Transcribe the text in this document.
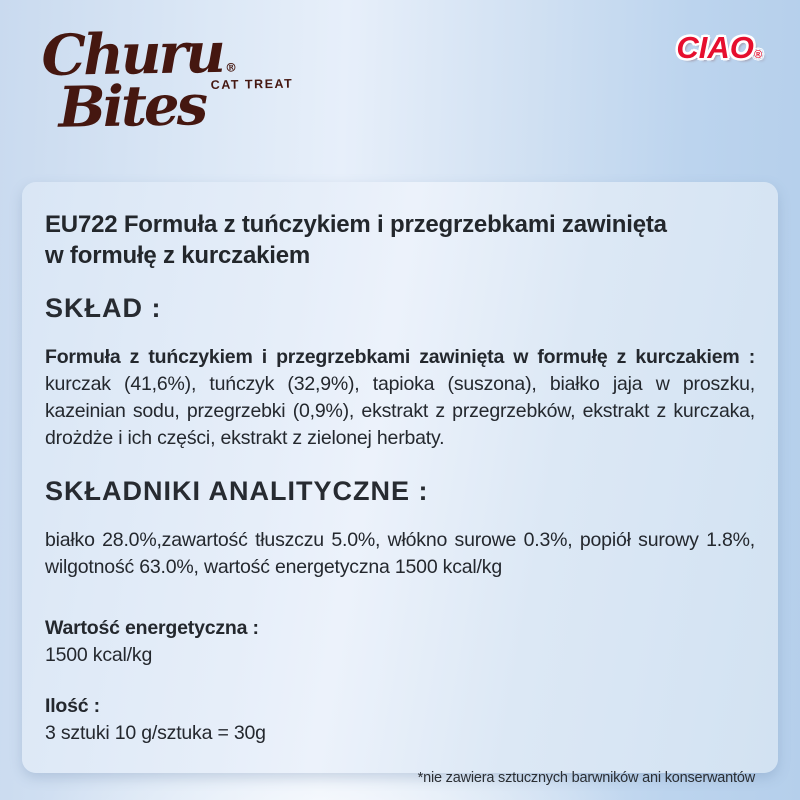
Churu ®
Bites CAT TREAT
CIAO®
EU722 Formuła z tuńczykiem i przegrzebkami zawinięta
w formułę z kurczakiem
SKŁAD :

Formuła z tuńczykiem i przegrzebkami zawinięta w formułę z kurczakiem : kurczak (41,6%), tuńczyk (32,9%), tapioka (suszona), białko jaja w proszku, kazeinian sodu, przegrzebki (0,9%), ekstrakt z przegrzebków, ekstrakt z kurczaka, drożdże i ich części, ekstrakt z zielonej herbaty.

SKŁADNIKI ANALITYCZNE :

białko 28.0%,zawartość tłuszczu 5.0%, włókno surowe 0.3%, popiół surowy 1.8%, wilgotność 63.0%, wartość energetyczna 1500 kcal/kg

Wartość energetyczna :
1500 kcal/kg
Ilość :
3 sztuki 10 g/sztuka = 30g
*nie zawiera sztucznych barwników ani konserwantów
